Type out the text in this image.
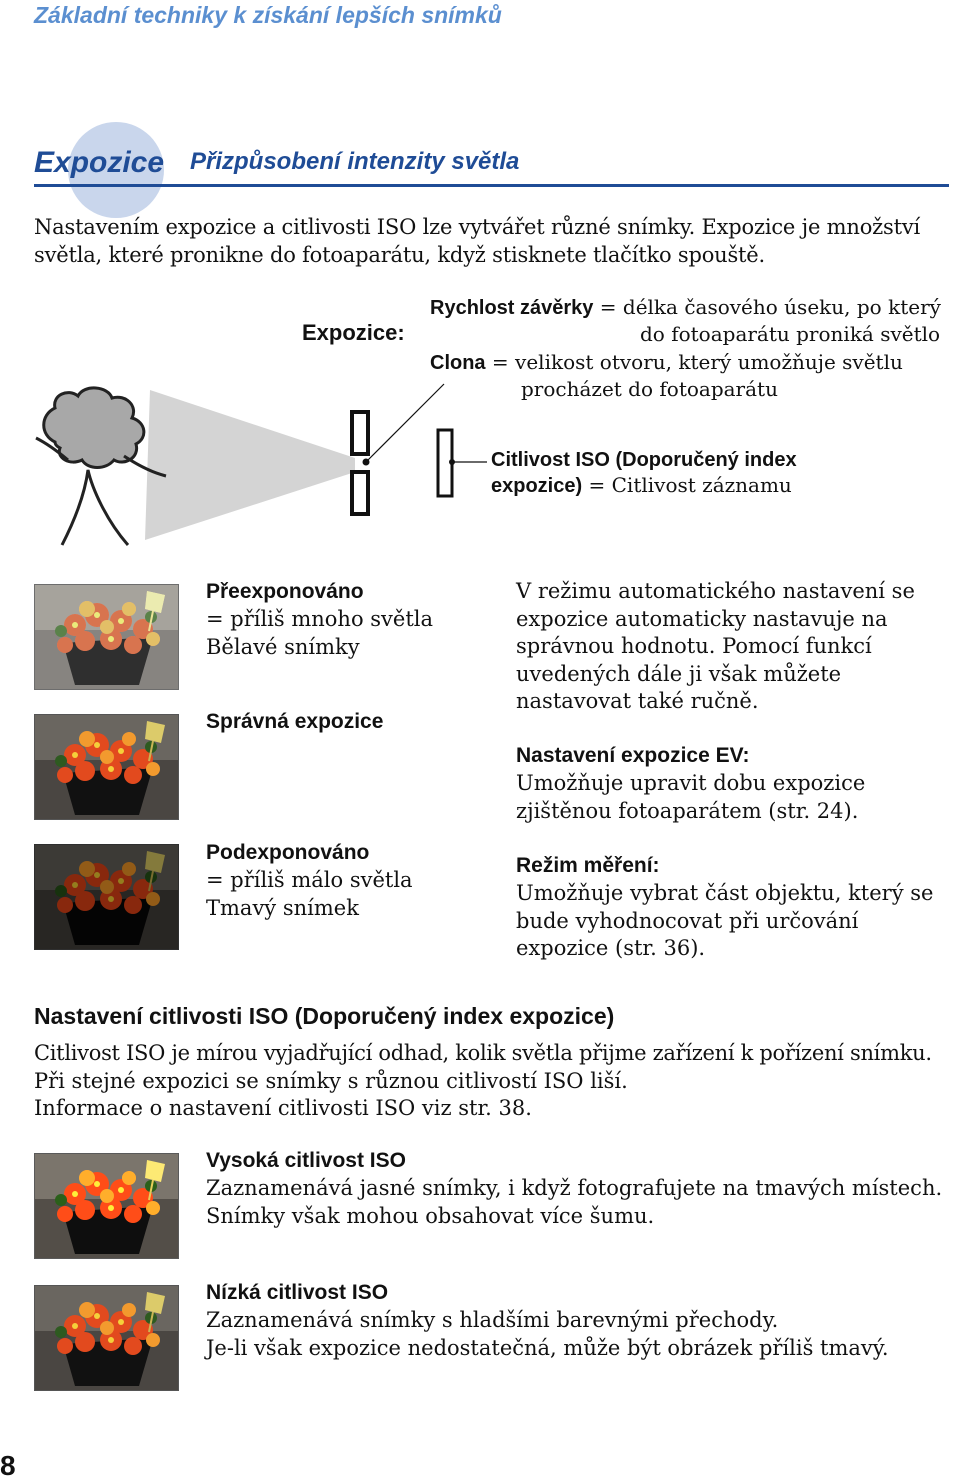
Základní techniky k získání lepších snímků
Expozice Přizpůsobení intenzity světla
Nastavením expozice a citlivosti ISO lze vytvářet různé snímky. Expozice je množství
světla, které pronikne do fotoaparátu, když stisknete tlačítko spouště.
Expozice:
Rychlost závěrky = délka časového úseku, po který
do fotoaparátu proniká světlo
Clona = velikost otvoru, který umožňuje světlu
procházet do fotoaparátu
Citlivost ISO (Doporučený index
expozice) = Citlivost záznamu
Přeexponováno
= příliš mnoho světla
Bělavé snímky
Správná expozice
Podexponováno
= příliš málo světla
Tmavý snímek
V režimu automatického nastavení se
expozice automaticky nastavuje na
správnou hodnotu. Pomocí funkcí
uvedených dále ji však můžete
nastavovat také ručně.
Nastavení expozice EV:
Umožňuje upravit dobu expozice
zjištěnou fotoaparátem (str. 24).
Režim měření:
Umožňuje vybrat část objektu, který se
bude vyhodnocovat při určování
expozice (str. 36).
Nastavení citlivosti ISO (Doporučený index expozice)
Citlivost ISO je mírou vyjadřující odhad, kolik světla přijme zařízení k pořízení snímku.
Při stejné expozici se snímky s různou citlivostí ISO liší.
Informace o nastavení citlivosti ISO viz str. 38.
Vysoká citlivost ISO
Zaznamenává jasné snímky, i když fotografujete na tmavých místech.
Snímky však mohou obsahovat více šumu.
Nízká citlivost ISO
Zaznamenává snímky s hladšími barevnými přechody.
Je-li však expozice nedostatečná, může být obrázek příliš tmavý.
8
